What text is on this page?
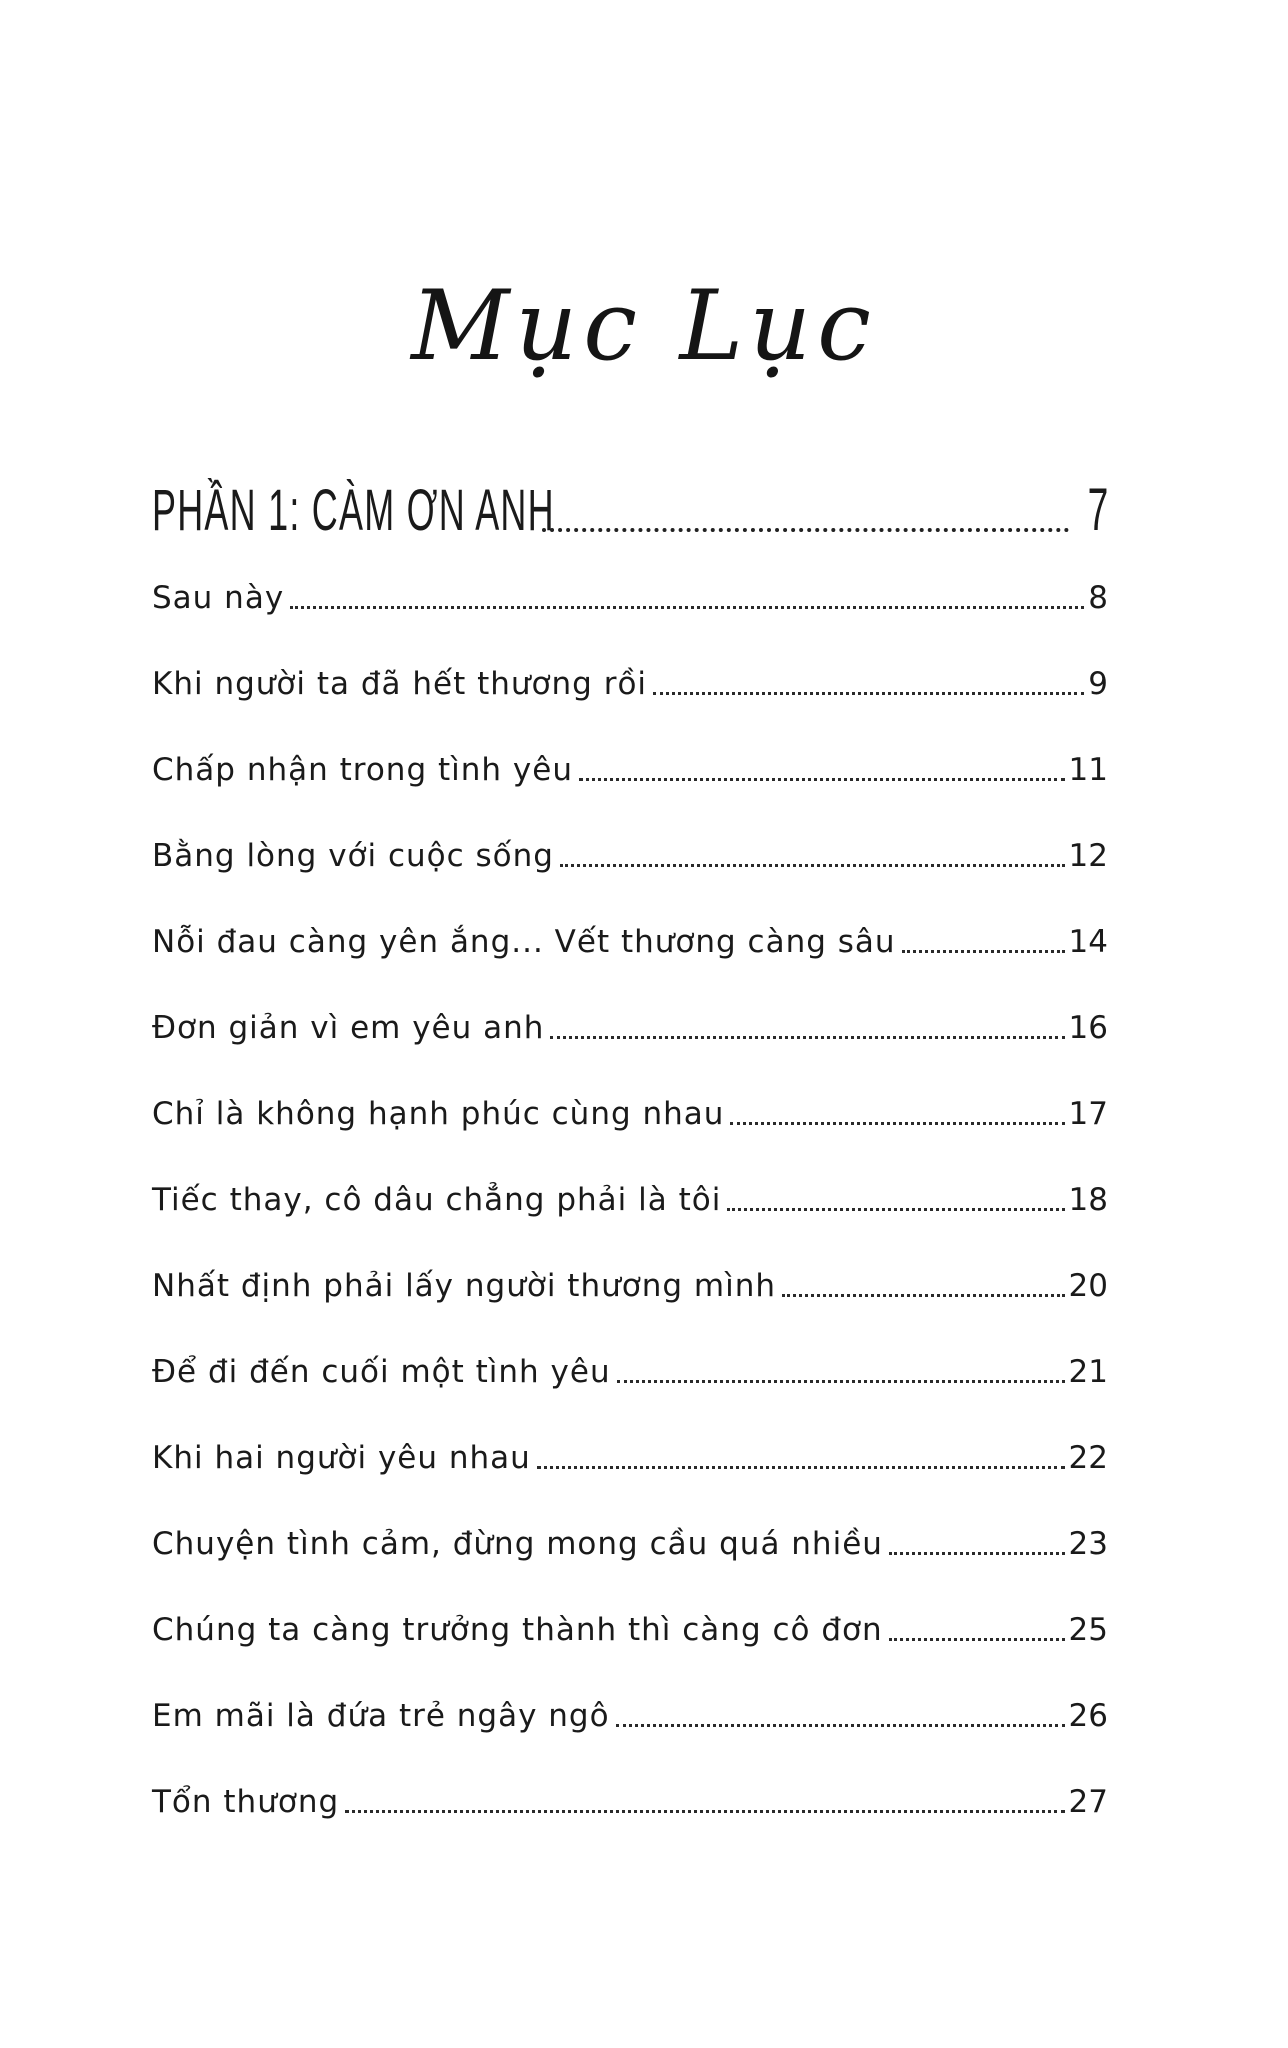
Mục Lục
PHẦN 1: CÀM ƠN ANH	7
Sau này	8
Khi người ta đã hết thương rồi	9
Chấp nhận trong tình yêu	11
Bằng lòng với cuộc sống	12
Nỗi đau càng yên ắng... Vết thương càng sâu	14
Đơn giản vì em yêu anh	16
Chỉ là không hạnh phúc cùng nhau	17
Tiếc thay, cô dâu chẳng phải là tôi	18
Nhất định phải lấy người thương mình	20
Để đi đến cuối một tình yêu	21
Khi hai người yêu nhau	22
Chuyện tình cảm, đừng mong cầu quá nhiều	23
Chúng ta càng trưởng thành thì càng cô đơn	25
Em mãi là đứa trẻ ngây ngô	26
Tổn thương	27
